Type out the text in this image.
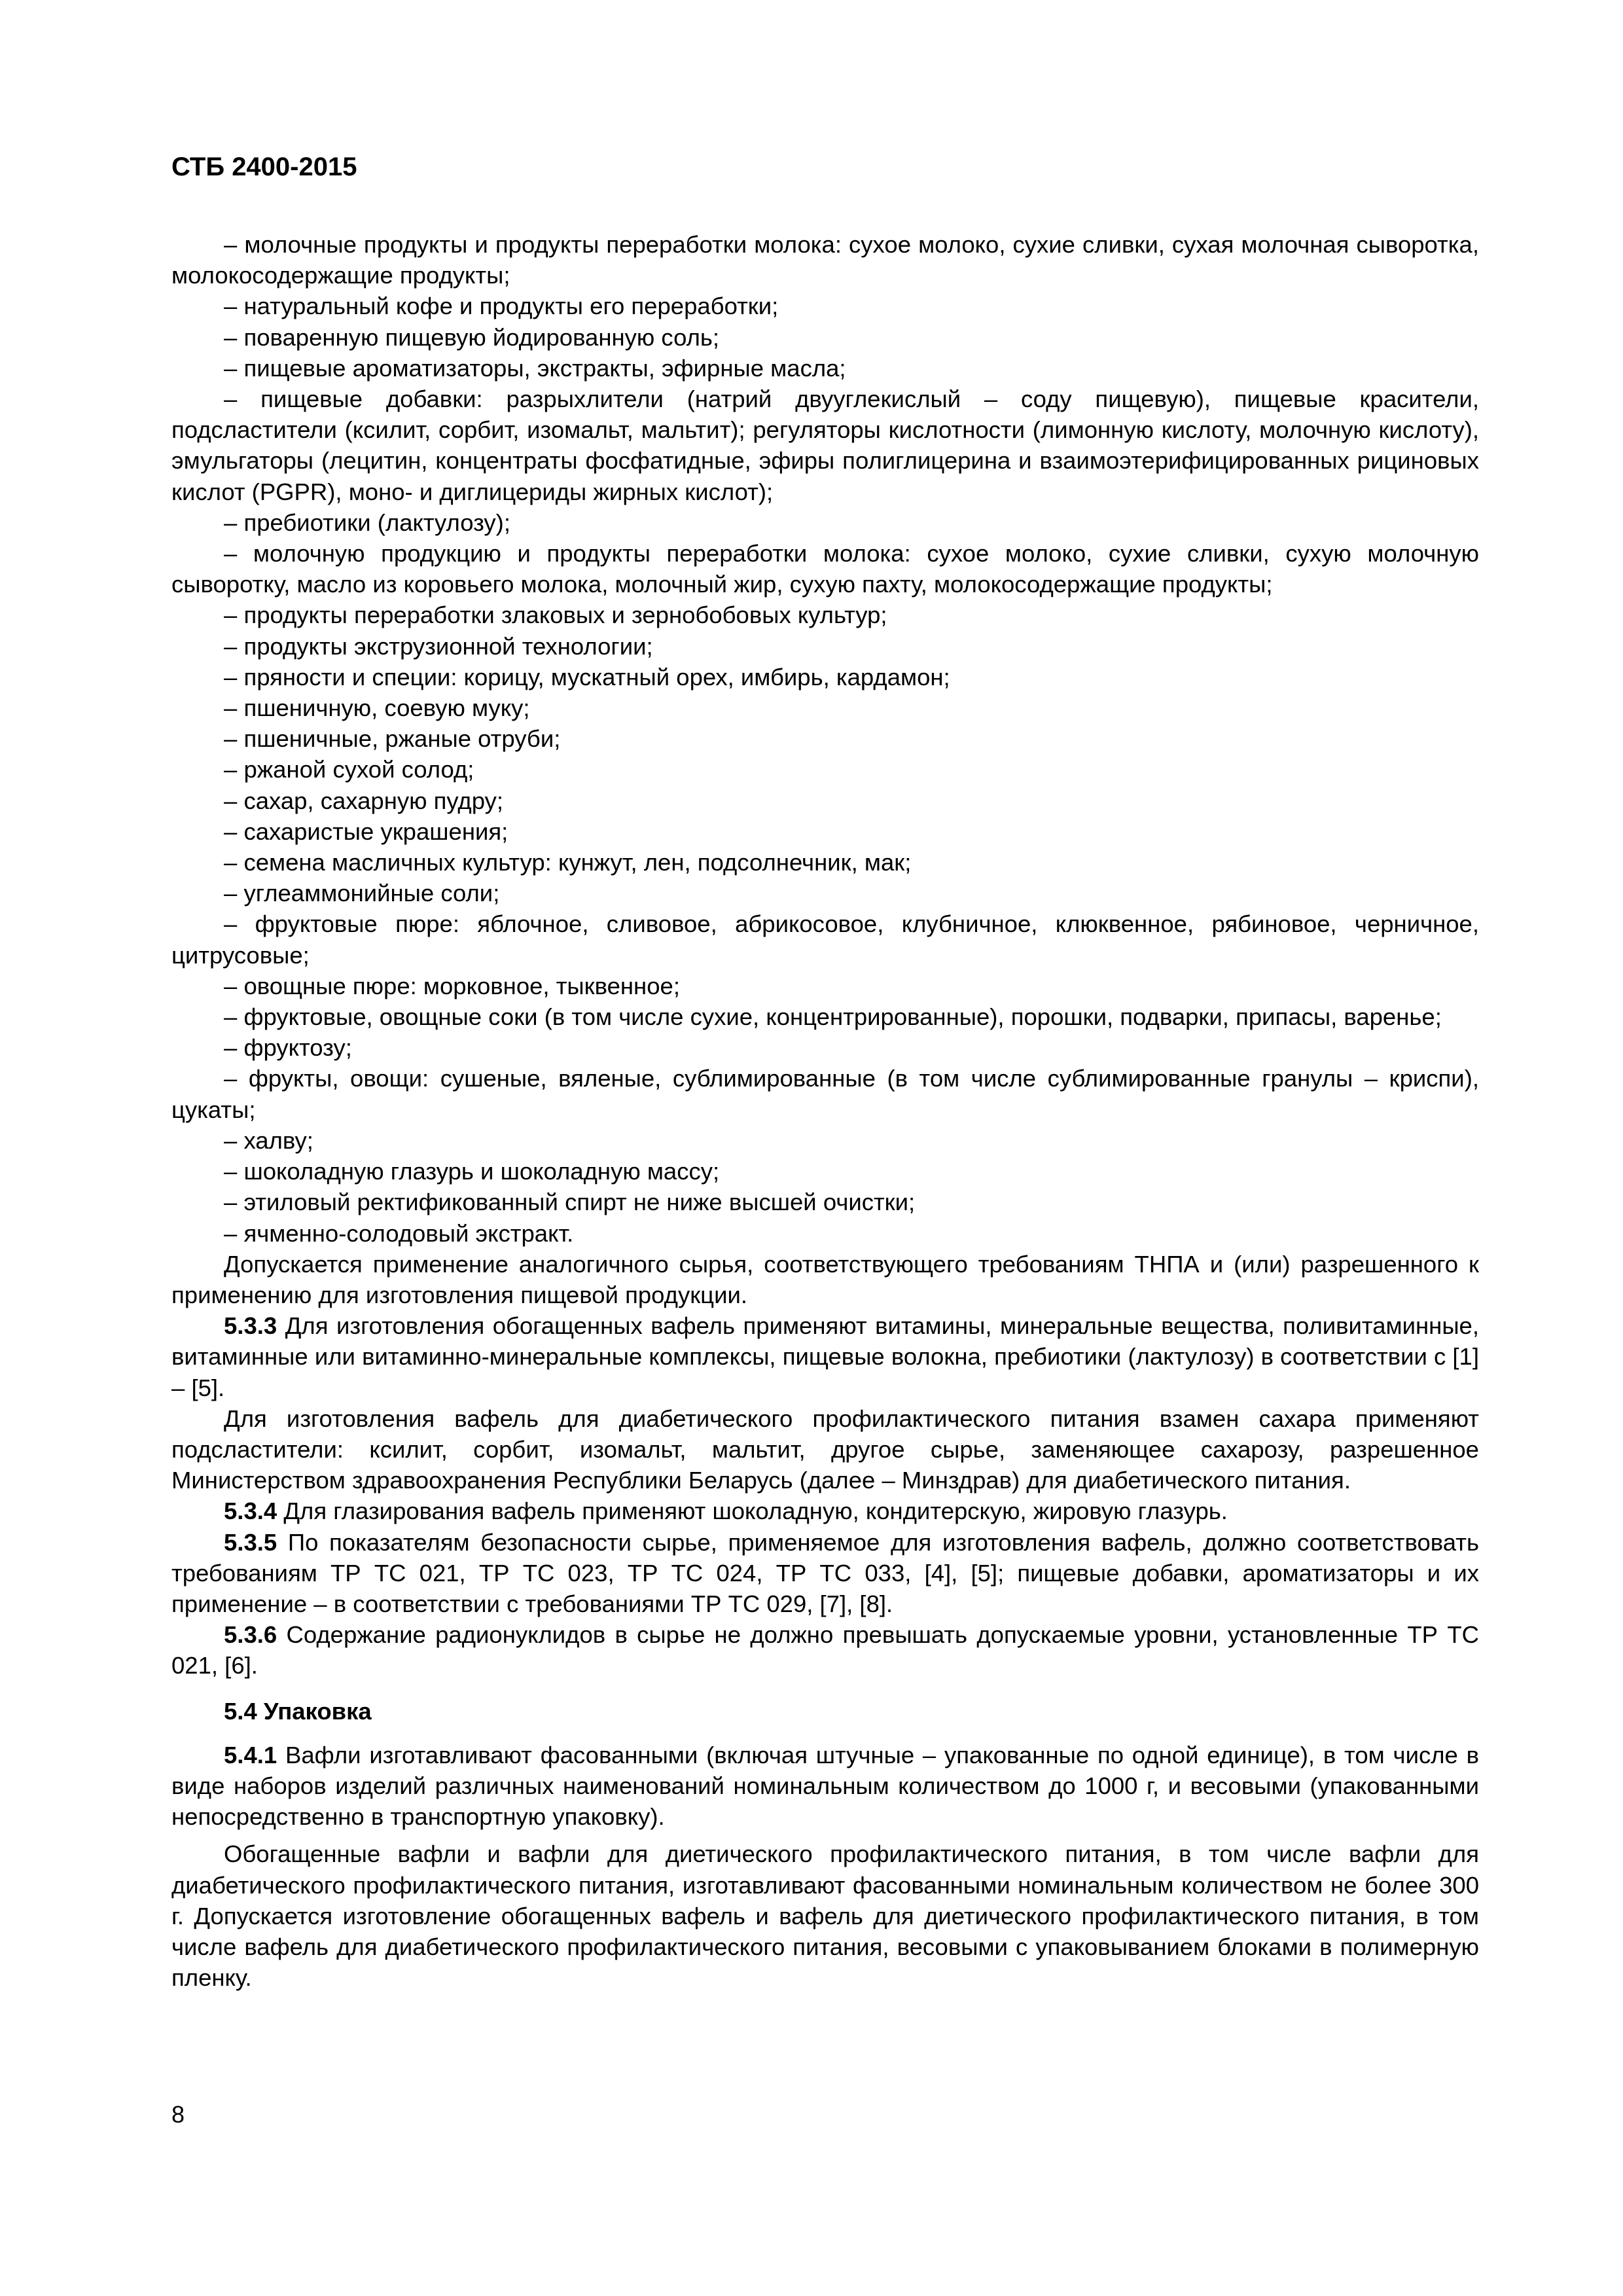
СТБ 2400-2015

– молочные продукты и продукты переработки молока: сухое молоко, сухие сливки, сухая молочная сыворотка, молокосодержащие продукты;

– натуральный кофе и продукты его переработки;

– поваренную пищевую йодированную соль;

– пищевые ароматизаторы, экстракты, эфирные масла;

– пищевые добавки: разрыхлители (натрий двууглекислый – соду пищевую), пищевые красители, подсластители (ксилит, сорбит, изомальт, мальтит); регуляторы кислотности (лимонную кислоту, молочную кислоту), эмульгаторы (лецитин, концентраты фосфатидные, эфиры полиглицерина и взаимоэтерифицированных рициновых кислот (PGPR), моно- и диглицериды жирных кислот);

– пребиотики (лактулозу);

– молочную продукцию и продукты переработки молока: сухое молоко, сухие сливки, сухую молочную сыворотку, масло из коровьего молока, молочный жир, сухую пахту, молокосодержащие продукты;

– продукты переработки злаковых и зернобобовых культур;

– продукты экструзионной технологии;

– пряности и специи: корицу, мускатный орех, имбирь, кардамон;

– пшеничную, соевую муку;

– пшеничные, ржаные отруби;

– ржаной сухой солод;

– сахар, сахарную пудру;

– сахаристые украшения;

– семена масличных культур: кунжут, лен, подсолнечник, мак;

– углеаммонийные соли;

– фруктовые пюре: яблочное, сливовое, абрикосовое, клубничное, клюквенное, рябиновое, черничное, цитрусовые;

– овощные пюре: морковное, тыквенное;

– фруктовые, овощные соки (в том числе сухие, концентрированные), порошки, подварки, припасы, варенье;

– фруктозу;

– фрукты, овощи: сушеные, вяленые, сублимированные (в том числе сублимированные гранулы – криспи), цукаты;

– халву;

– шоколадную глазурь и шоколадную массу;

– этиловый ректификованный спирт не ниже высшей очистки;

– ячменно-солодовый экстракт.

Допускается применение аналогичного сырья, соответствующего требованиям ТНПА и (или) разрешенного к применению для изготовления пищевой продукции.

5.3.3 Для изготовления обогащенных вафель применяют витамины, минеральные вещества, поливитаминные, витаминные или витаминно-минеральные комплексы, пищевые волокна, пребиотики (лактулозу) в соответствии с [1] – [5].

Для изготовления вафель для диабетического профилактического питания взамен сахара применяют подсластители: ксилит, сорбит, изомальт, мальтит, другое сырье, заменяющее сахарозу, разрешенное Министерством здравоохранения Республики Беларусь (далее – Минздрав) для диабетического питания.

5.3.4 Для глазирования вафель применяют шоколадную, кондитерскую, жировую глазурь.

5.3.5 По показателям безопасности сырье, применяемое для изготовления вафель, должно соответствовать требованиям ТР ТС 021, ТР ТС 023, ТР ТС 024, ТР ТС 033, [4], [5]; пищевые добавки, ароматизаторы и их применение – в соответствии с требованиями ТР ТС 029, [7], [8].

5.3.6 Содержание радионуклидов в сырье не должно превышать допускаемые уровни, установленные ТР ТС 021, [6].

5.4 Упаковка

5.4.1 Вафли изготавливают фасованными (включая штучные – упакованные по одной единице), в том числе в виде наборов изделий различных наименований номинальным количеством до 1000 г, и весовыми (упакованными непосредственно в транспортную упаковку).

Обогащенные вафли и вафли для диетического профилактического питания, в том числе вафли для диабетического профилактического питания, изготавливают фасованными номинальным количеством не более 300 г. Допускается изготовление обогащенных вафель и вафель для диетического профилактического питания, в том числе вафель для диабетического профилактического питания, весовыми с упаковыванием блоками в полимерную пленку.

8
